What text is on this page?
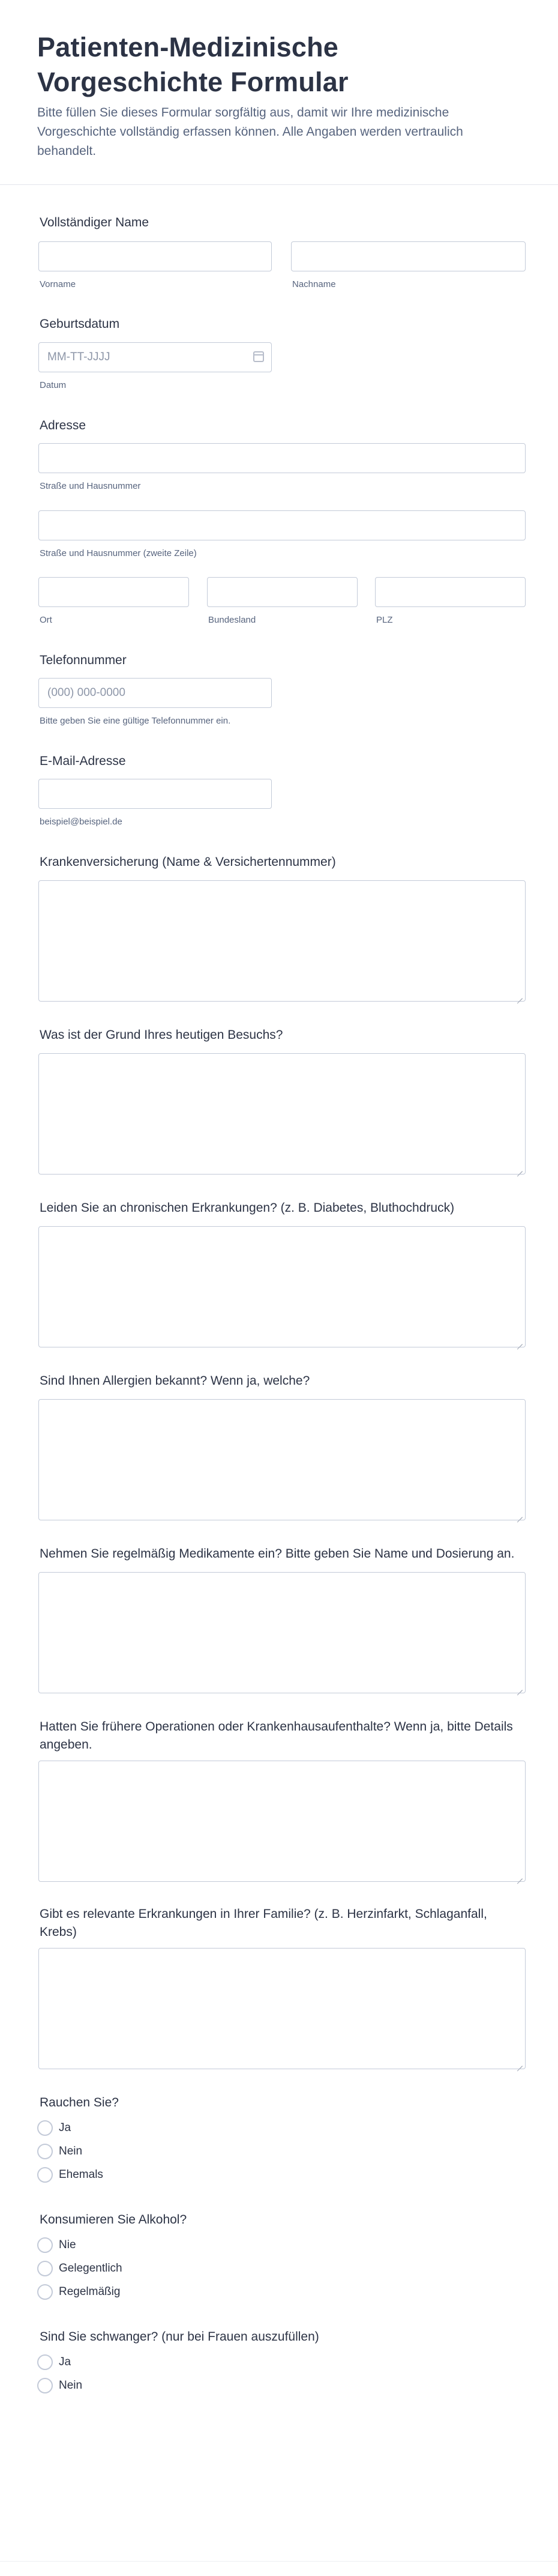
Patienten-Medizinische Vorgeschichte Formular
Bitte füllen Sie dieses Formular sorgfältig aus, damit wir Ihre medizinische Vorgeschichte vollständig erfassen können. Alle Angaben werden vertraulich behandelt.
Vollständiger Name
Vorname	Nachname
Geburtsdatum
MM-TT-JJJJ
Datum
Adresse
Straße und Hausnummer
Straße und Hausnummer (zweite Zeile)
Ort	Bundesland	PLZ
Telefonnummer
(000) 000-0000
Bitte geben Sie eine gültige Telefonnummer ein.
E-Mail-Adresse
beispiel@beispiel.de
Krankenversicherung (Name & Versichertennummer)
Was ist der Grund Ihres heutigen Besuchs?
Leiden Sie an chronischen Erkrankungen? (z. B. Diabetes, Bluthochdruck)
Sind Ihnen Allergien bekannt? Wenn ja, welche?
Nehmen Sie regelmäßig Medikamente ein? Bitte geben Sie Name und Dosierung an.
Hatten Sie frühere Operationen oder Krankenhausaufenthalte? Wenn ja, bitte Details angeben.
Gibt es relevante Erkrankungen in Ihrer Familie? (z. B. Herzinfarkt, Schlaganfall, Krebs)
Rauchen Sie?
Ja
Nein
Ehemals
Konsumieren Sie Alkohol?
Nie
Gelegentlich
Regelmäßig
Sind Sie schwanger? (nur bei Frauen auszufüllen)
Ja
Nein
